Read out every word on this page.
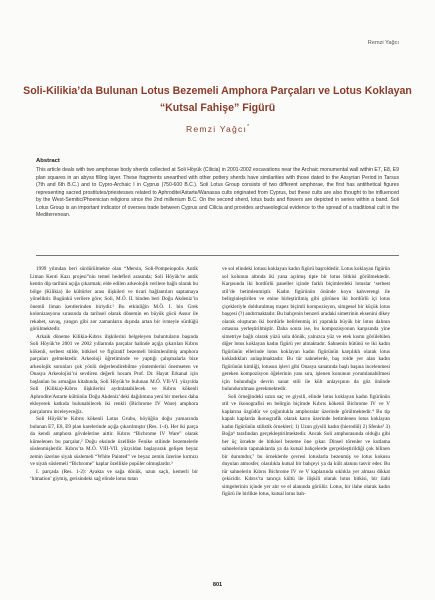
Remzi Yağcı
Soli-Kilikia’da Bulunan Lotus Bezemeli Amphora Parçaları ve Lotus Koklayan
“Kutsal Fahişe” Figürü
Remzi Yağcı*
Abstract
This article deals with two amphorae body sherds collected at Soli Höyük (Cilicia) in 2001-2002 excavations near the Archaic monumental wall within E7, E8, E9 plan squares in an abyss filling layer. These fragments unearthed with other pottery sherds have similarities with those dated to the Assyrian Period in Tarsus (7th and 6th B.C.) and to Cypro-Archaic I in Cyprus (750-600 B.C.). Soli Lotus Group consists of two different amphorae, the first has antithetical figures representing sacred prostitutes/priestesses related to Aphrodite/Astarte/Wanassa cults originated from Cyprus, but these cults are also thought to be influenced by the West-Semitic/Phoenician religions since the 2nd millenium B.C. On the second sherd, lotus buds and flowers are depicted in series within a band. Soli Lotus Group is an important indicator of oversea trade between Cyprus and Cilicia and provides archaeological evidence to the spread of a traditional cult in the Mediterrenean.

1999 yılından beri sürdürülmekte olan “Mersin, Soli-Pompeiopolis Antik Liman Kenti Kazı projesi”nin temel hedefleri arasında; Soli Höyük’te antik kentin dip tarihini açığa çıkarmak; elde edilen arkeolojik verilere bağlı olarak bu bölge (Kilikia) ile kültürler arası ilişkileri ve ticari bağlantıları saptamaya yöneliktir. Bugünkü verilere göre; Soli, M.Ö. II. binden beri Doğu Akdeniz’in önemli liman kentlerinden biriydir.¹ Bu etkinliğin M.Ö. I. bin Grek kolonizasyonu sırasında da tarihsel olarak dönemin en büyük gücü Assur ile rekabet, savaş, yangın gibi zor zamanların dışında artan bir ivmeyle sürdüğü görülmektedir.

Arkaik döneme Kilikia-Kıbrıs ilişkilerini belgeleyen buluntuların başında Soli Höyük’te 2001 ve 2002 yıllarında parçalar halinde açığa çıkarılan Kıbrıs kökenli, serbest stilde, bitkisel ve figüratif bezemeli bitümlenilmiş amphora parçaları gelmektedir. Arkeoloji öğretiminde ve yaptığı çalışmalarla bize arkeolojik sorunları çok yönlü değerlendirebilme yöntemlerini önemseten ve Onasya Arkeolojisi’ni sevdiren değerli hocam Prof. Dr. Hayat Erkanal için başlanlan bu armağan kitabında, Soli Höyük’te bulunan M.Ö. VII-VI. yüzyılda Soli (Kilikia)-Kıbrıs ilişkilerini aydınlatabilecek ve Kıbrıs kökenli Aphrodite/Astarte kültünün Doğu Akdeniz’deki dağılımına yeni bir merkez daha ekleyerek katkıda bulunabilecek iki renkli (Bichrome IV Ware) amphora parçalarını inceleyeceğiz.

Soli Höyük’te Kıbrıs kökenli Lotus Grubu, höyüğün doğu yamacında bulunan E7, E8, E9 plan karelerinde açığa çıkarılmıştır (Res. 1-4). Her iki parça da kendi amphora gövdelerine aittir. Kıbrıs “Bichrome IV Ware” olarak kümelenen bu parçalar,² Doğu eksinde özellikle Fenike stilinde bezemelerle süslenmişlerdir. Kıbrıs’ta M.Ö. VIII-VII. yüzyıldan başlayarak gelişen beyaz zemin üzerine siyah süslemeli “White Painted” ve beyaz zemin üzerine kırmızı ve siyah süslemeli “Bichrome” kaplar özellikle popüler olmuşlardır.³

I. parçada (Res. 1-2): Ayakta ve sağa dönük, uzun saçlı, kemerli bir ‘himation’ giymiş, gerisindeki sağ elinde lotus tutan

ve sol elindeki lotusu koklayan kadın figürü başroldedir. Lotus koklayan figürün sol kolunun altında iki yana açılmış tipte bir lotus bitkisi görülmektedir. Karşısında iki bordürlü paneller içinde farklı biçimlerdeki lotuslar ‘serbest stil’de betimlenmiştir. Kadın figürünün önünde koyu kahverengi ile belirginleştirilen ve enine birleştirilmiş gibi görünen iki bordürlü içi lotus çiçekleriyle doldurulmuş trapez biçimli kompozisyon, simgesel bir küçük lotus başçesi (?) andırmaktadır. Bu bahçenin benzeri aradaki simetrinin eksenini dikey olarak oluşturan iki bordürle belirlenmiş iri yaprakla büyük bir lotus dalının ortasına yerleştirilmiştir. Daha sonra ise, bu kompozisyonun karşısında yine simetriye bağlı olarak yüzü sola dönük, yalnızca yüz ve etek kısmı görülebilen diğer lotus koklayan kadın figürü yer almaktadır. Sahnenin bütünü ve iki kadın figürünün ellerinde lotus koklayan kadın figürünün karşılıklı olarak lotus kokladıkları anlaşılmaktadır. Bu tür sahnelerde, baş rolde yer alan kadın figürünün kimliği, lotusun işlevi gibi Onasya sanatında başlı başına incelenmesi gereken kompozisyon öğelerinin yanı sıra, işlenen konunun yorumlanabilmesi için bulunduğu devrin sanat stili ile kült anlayışının da göz önünde bulundurulması gerekmektedir.

Soli örneğindeki uzun saç ve giysili, elinde lotus koklayan kadın figürünün stil ve ikonografisi en belirgin biçimde Kıbrıs kökenli Bichrome IV ve V kaplarına özgüdür ve çoğunlukla amphoralar üzerinde görülmektedir.⁴ Bu tip kapalı kaplarda ikonografik olarak karın üzerinde betimlenen lotus koklayan kadın figürünün stilistik örnekleri; 1) Uzun giysili kadın (hierodül) 2) Sfenks⁵ 3) Boğa⁶ tarafından gerçekleştirilmektedir. Ancak Soli amphorasında olduğu gibi her üç örnekte de bitkisel bezeme öne çıkar. Dinsel törenler ve kutlama sahnelerinin tapınaklarda ya da kutsal bahçelerde gerçekleştirildiği çok bilinen bir durumdur,⁷ bu örneklerde çevresi lotuslarla bezenmiş ve lotus kokusu duyulan atmosfer, olasılıkla kutsal bir bahçeyi ya da kült alanını tasvir eder. Bu tür sahnelerin Kıbrıs Bichrome IV ve V kaplarında sıklıkla yer alması dikkat çekicidir. Kıbrıs’ta tanrıça kültü ile ilişkili olarak lotus bitkisi, bir ilahi simgelerinin içinde yer alır ve el alanında görülür. Lotus, bir ilahe olarak kadın figürü ile birlikte lotus, kutsal lotus bah-

801
